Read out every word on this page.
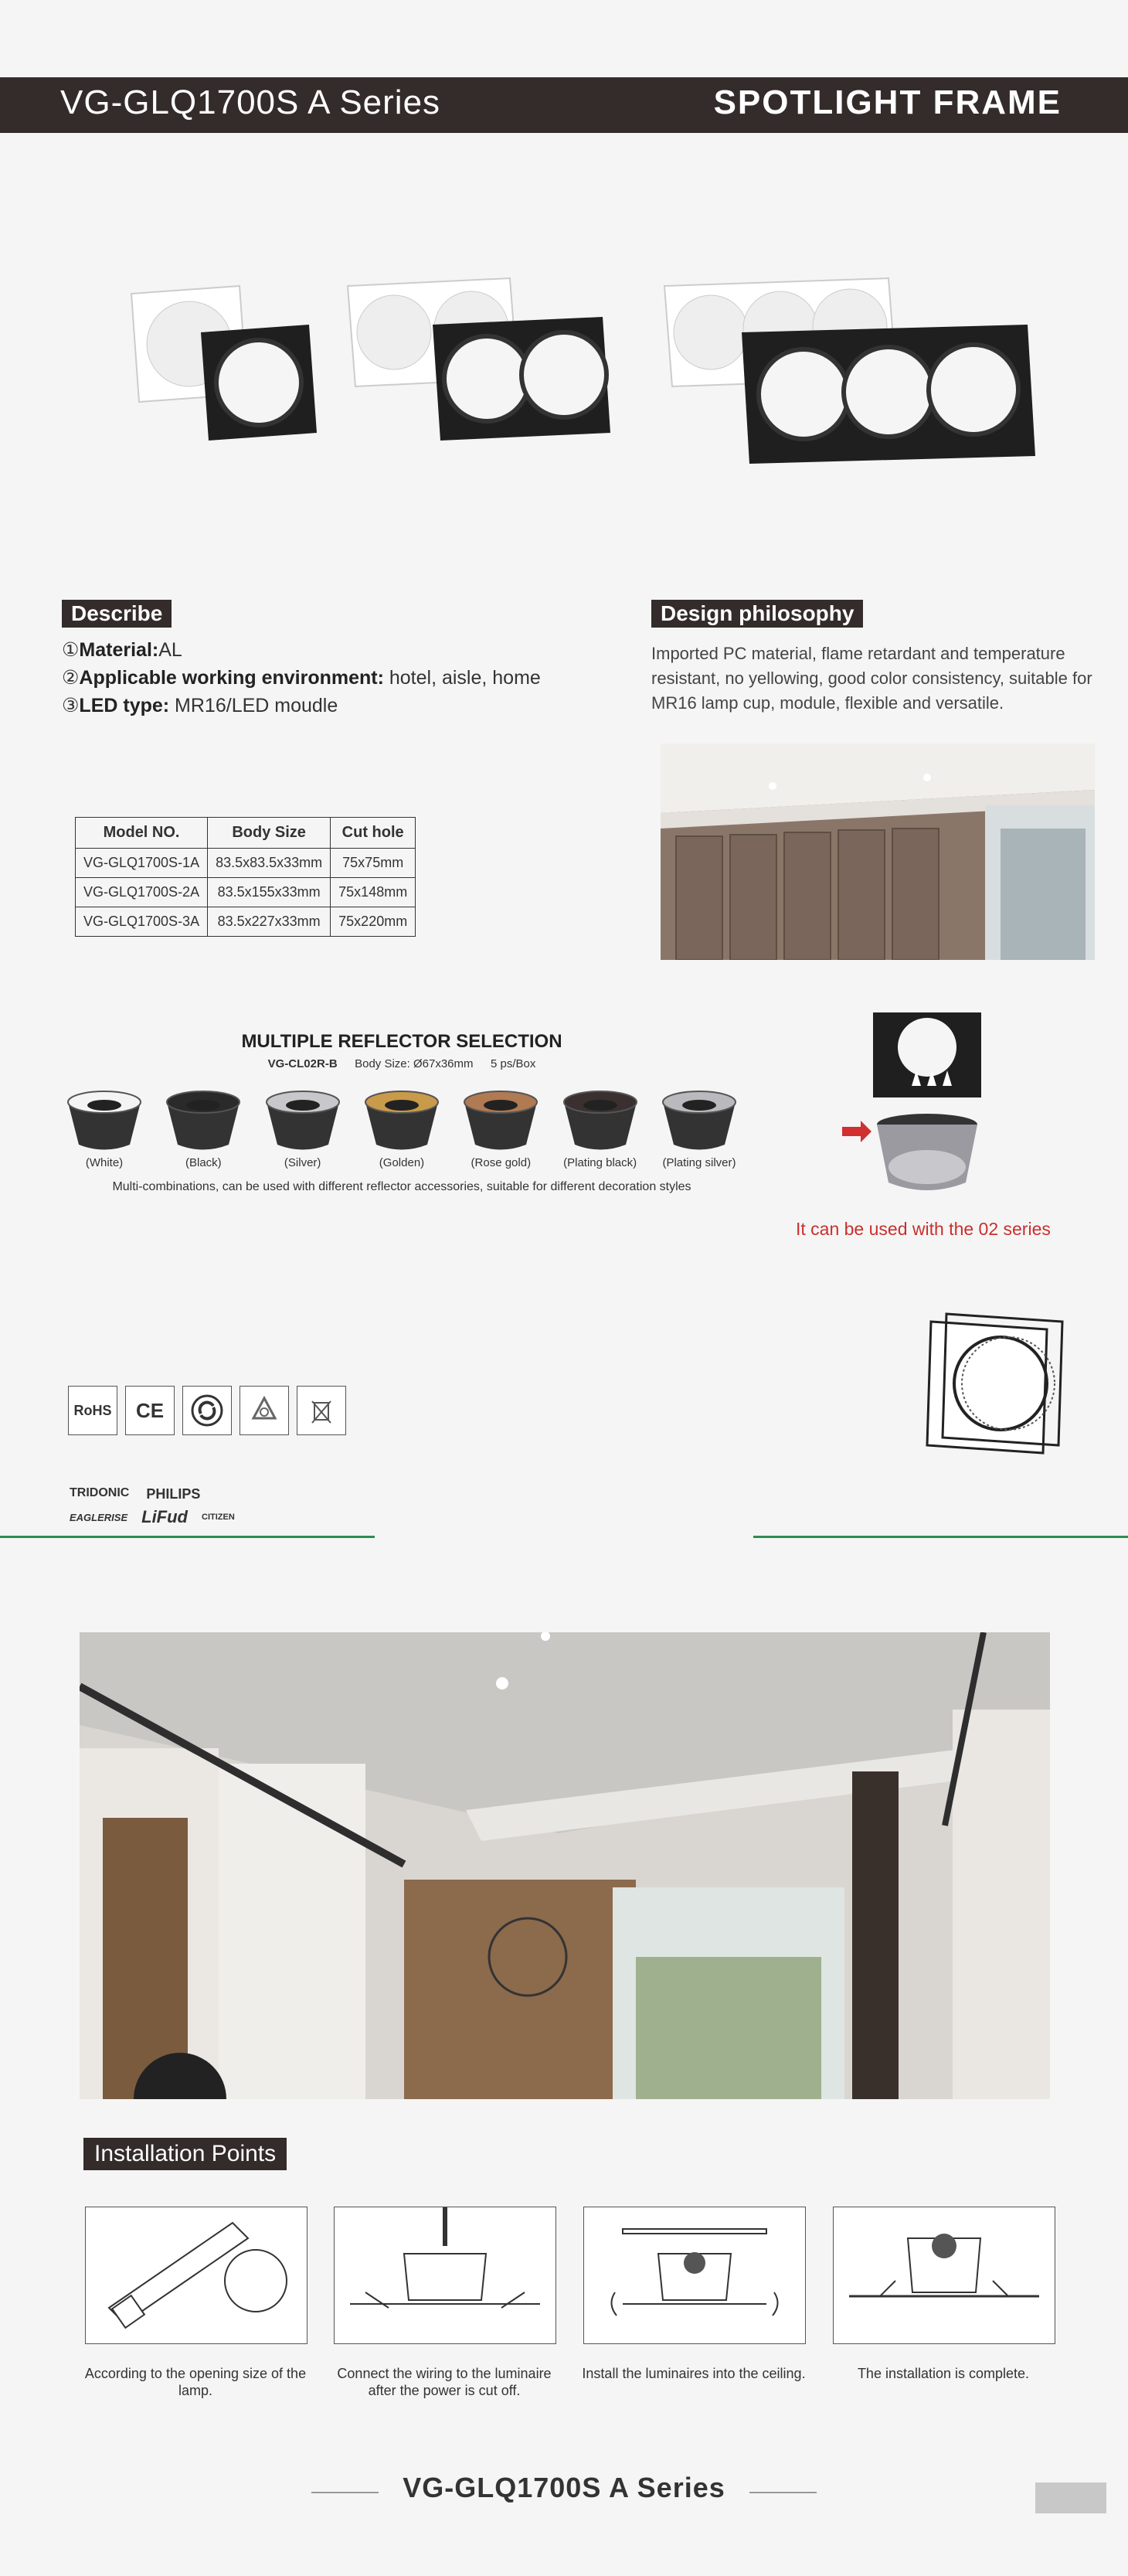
VG-GLQ1700S A Series	SPOTLIGHT FRAME
Describe
①Material:AL
②Applicable working environment: hotel, aisle, home
③LED type: MR16/LED moudle
Design philosophy
Imported PC material, flame retardant and temperature resistant, no yellowing, good color consistency, suitable for MR16 lamp cup, module, flexible and versatile.
Model NO.	Body Size	Cut hole
VG-GLQ1700S-1A	83.5x83.5x33mm	75x75mm
VG-GLQ1700S-2A	83.5x155x33mm	75x148mm
VG-GLQ1700S-3A	83.5x227x33mm	75x220mm
MULTIPLE REFLECTOR SELECTION
VG-CL02R-B Body Size: Ø67x36mm 5 ps/Box
(White)	(Black)	(Silver)	(Golden)	(Rose gold)	(Plating black)	(Plating silver)
Multi-combinations, can be used with different reflector accessories, suitable for different decoration styles
It can be used with the 02 series
RoHS	CE
TRIDONIC PHILIPS
EAGLERISE LiFud CITIZEN
Installation Points
According to the opening size of the lamp.
Connect the wiring to the luminaire after the power is cut off.
Install the luminaires into the ceiling.	The installation is complete.
VG-GLQ1700S A Series
